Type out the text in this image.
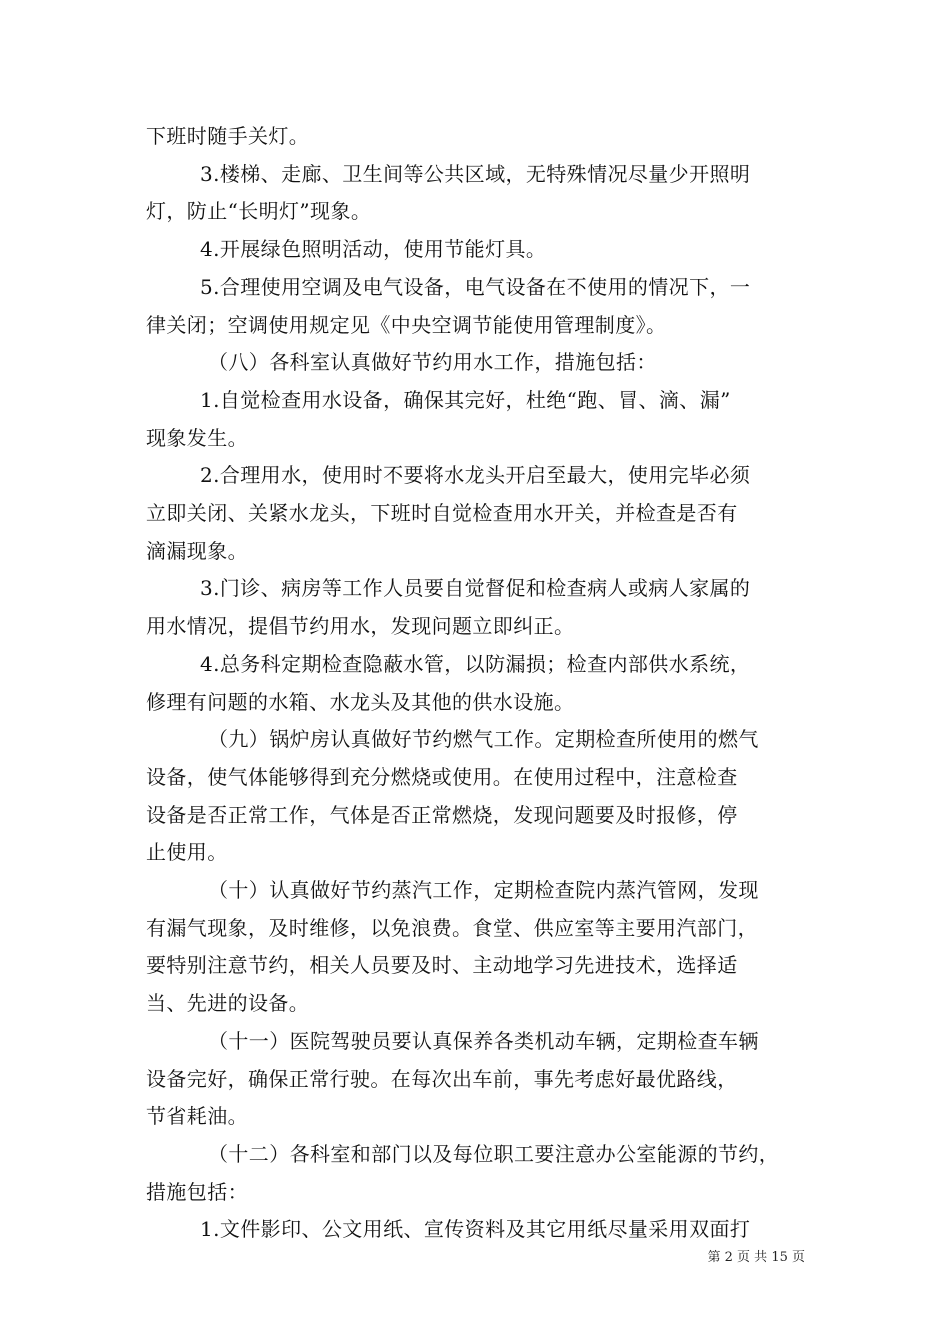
下班时随手关灯。
3.楼梯、走廊、卫生间等公共区域，无特殊情况尽量少开照明
灯，防止“长明灯”现象。
4.开展绿色照明活动，使用节能灯具。
5.合理使用空调及电气设备，电气设备在不使用的情况下，一
律关闭；空调使用规定见《中央空调节能使用管理制度》。
（八）各科室认真做好节约用水工作，措施包括：
1.自觉检查用水设备，确保其完好，杜绝“跑、冒、滴、漏”
现象发生。
2.合理用水，使用时不要将水龙头开启至最大，使用完毕必须
立即关闭、关紧水龙头，下班时自觉检查用水开关，并检查是否有
滴漏现象。
3.门诊、病房等工作人员要自觉督促和检查病人或病人家属的
用水情况，提倡节约用水，发现问题立即纠正。
4.总务科定期检查隐蔽水管，以防漏损；检查内部供水系统，
修理有问题的水箱、水龙头及其他的供水设施。
（九）锅炉房认真做好节约燃气工作。定期检查所使用的燃气
设备，使气体能够得到充分燃烧或使用。在使用过程中，注意检查
设备是否正常工作，气体是否正常燃烧，发现问题要及时报修，停
止使用。
（十）认真做好节约蒸汽工作，定期检查院内蒸汽管网，发现
有漏气现象，及时维修，以免浪费。食堂、供应室等主要用汽部门，
要特别注意节约，相关人员要及时、主动地学习先进技术，选择适
当、先进的设备。
（十一）医院驾驶员要认真保养各类机动车辆，定期检查车辆
设备完好，确保正常行驶。在每次出车前，事先考虑好最优路线，
节省耗油。
（十二）各科室和部门以及每位职工要注意办公室能源的节约，
措施包括：
1.文件影印、公文用纸、宣传资料及其它用纸尽量采用双面打
第 2 页 共 15 页
